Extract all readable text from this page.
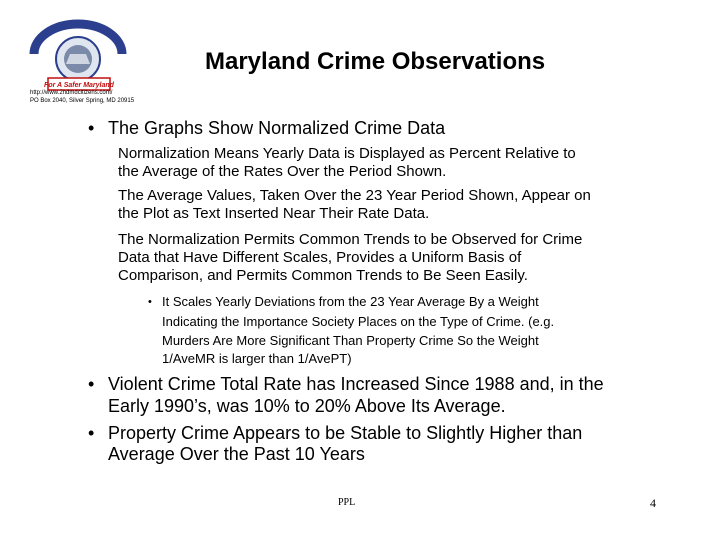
For A Safer Maryland
http://www.2ndmdcitizens.com/
PO Box 2040, Silver Spring, MD 20915
Maryland Crime Observations
• The Graphs Show Normalized Crime Data
Normalization Means Yearly Data is Displayed as Percent Relative to
the Average of the Rates Over the Period Shown.
The Average Values, Taken Over the 23 Year Period Shown, Appear on
the Plot as Text Inserted Near Their Rate Data.
The Normalization Permits Common Trends to be Observed for Crime
Data that Have Different Scales, Provides a Uniform Basis of
Comparison, and Permits Common Trends to Be Seen Easily.
• It Scales Yearly Deviations from the 23 Year Average By a Weight
Indicating the Importance Society Places on the Type of Crime. (e.g.
Murders Are More Significant Than Property Crime So the Weight
1/AveMR is larger than 1/AvePT)
• Violent Crime Total Rate has Increased Since 1988 and, in the
Early 1990’s, was 10% to 20% Above Its Average.
• Property Crime Appears to be Stable to Slightly Higher than
Average Over the Past 10 Years
PPL	4
